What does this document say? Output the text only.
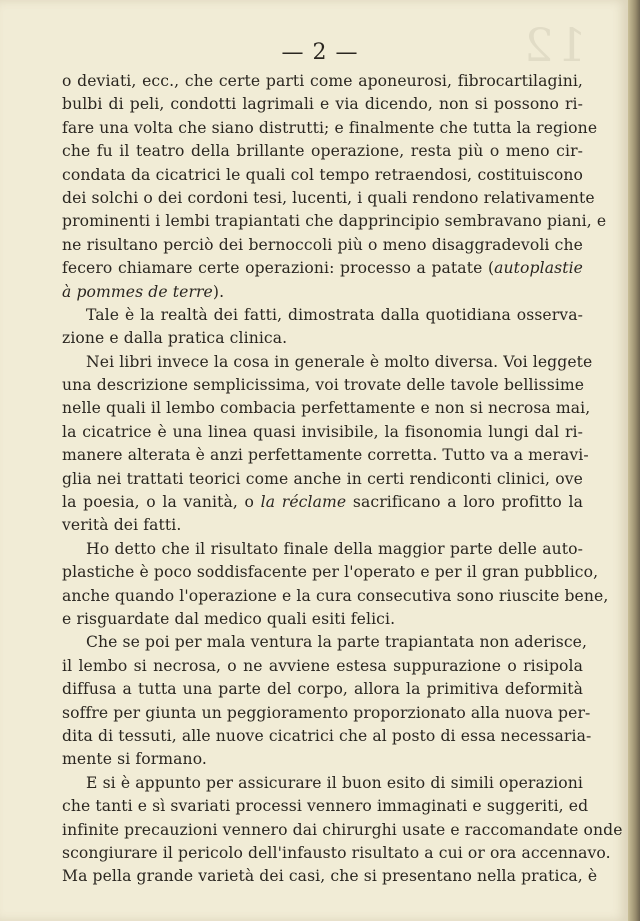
12
— 2 —
o deviati, ecc., che certe parti come aponeurosi, fibrocartilagini,
bulbi di peli, condotti lagrimali e via dicendo, non si possono ri-
fare una volta che siano distrutti; e finalmente che tutta la regione
che fu il teatro della brillante operazione, resta più o meno cir-
condata da cicatrici le quali col tempo retraendosi, costituiscono
dei solchi o dei cordoni tesi, lucenti, i quali rendono relativamente
prominenti i lembi trapiantati che dapprincipio sembravano piani, e
ne risultano perciò dei bernoccoli più o meno disaggradevoli che
fecero chiamare certe operazioni: processo a patate (autoplastie
à pommes de terre).
Tale è la realtà dei fatti, dimostrata dalla quotidiana osserva-
zione e dalla pratica clinica.
Nei libri invece la cosa in generale è molto diversa. Voi leggete
una descrizione semplicissima, voi trovate delle tavole bellissime
nelle quali il lembo combacia perfettamente e non si necrosa mai,
la cicatrice è una linea quasi invisibile, la fisonomia lungi dal ri-
manere alterata è anzi perfettamente corretta. Tutto va a meravi-
glia nei trattati teorici come anche in certi rendiconti clinici, ove
la poesia, o la vanità, o la réclame sacrificano a loro profitto la
verità dei fatti.
Ho detto che il risultato finale della maggior parte delle auto-
plastiche è poco soddisfacente per l'operato e per il gran pubblico,
anche quando l'operazione e la cura consecutiva sono riuscite bene,
e risguardate dal medico quali esiti felici.
Che se poi per mala ventura la parte trapiantata non aderisce,
il lembo si necrosa, o ne avviene estesa suppurazione o risipola
diffusa a tutta una parte del corpo, allora la primitiva deformità
soffre per giunta un peggioramento proporzionato alla nuova per-
dita di tessuti, alle nuove cicatrici che al posto di essa necessaria-
mente si formano.
E si è appunto per assicurare il buon esito di simili operazioni
che tanti e sì svariati processi vennero immaginati e suggeriti, ed
infinite precauzioni vennero dai chirurghi usate e raccomandate onde
scongiurare il pericolo dell'infausto risultato a cui or ora accennavo.
Ma pella grande varietà dei casi, che si presentano nella pratica, è
